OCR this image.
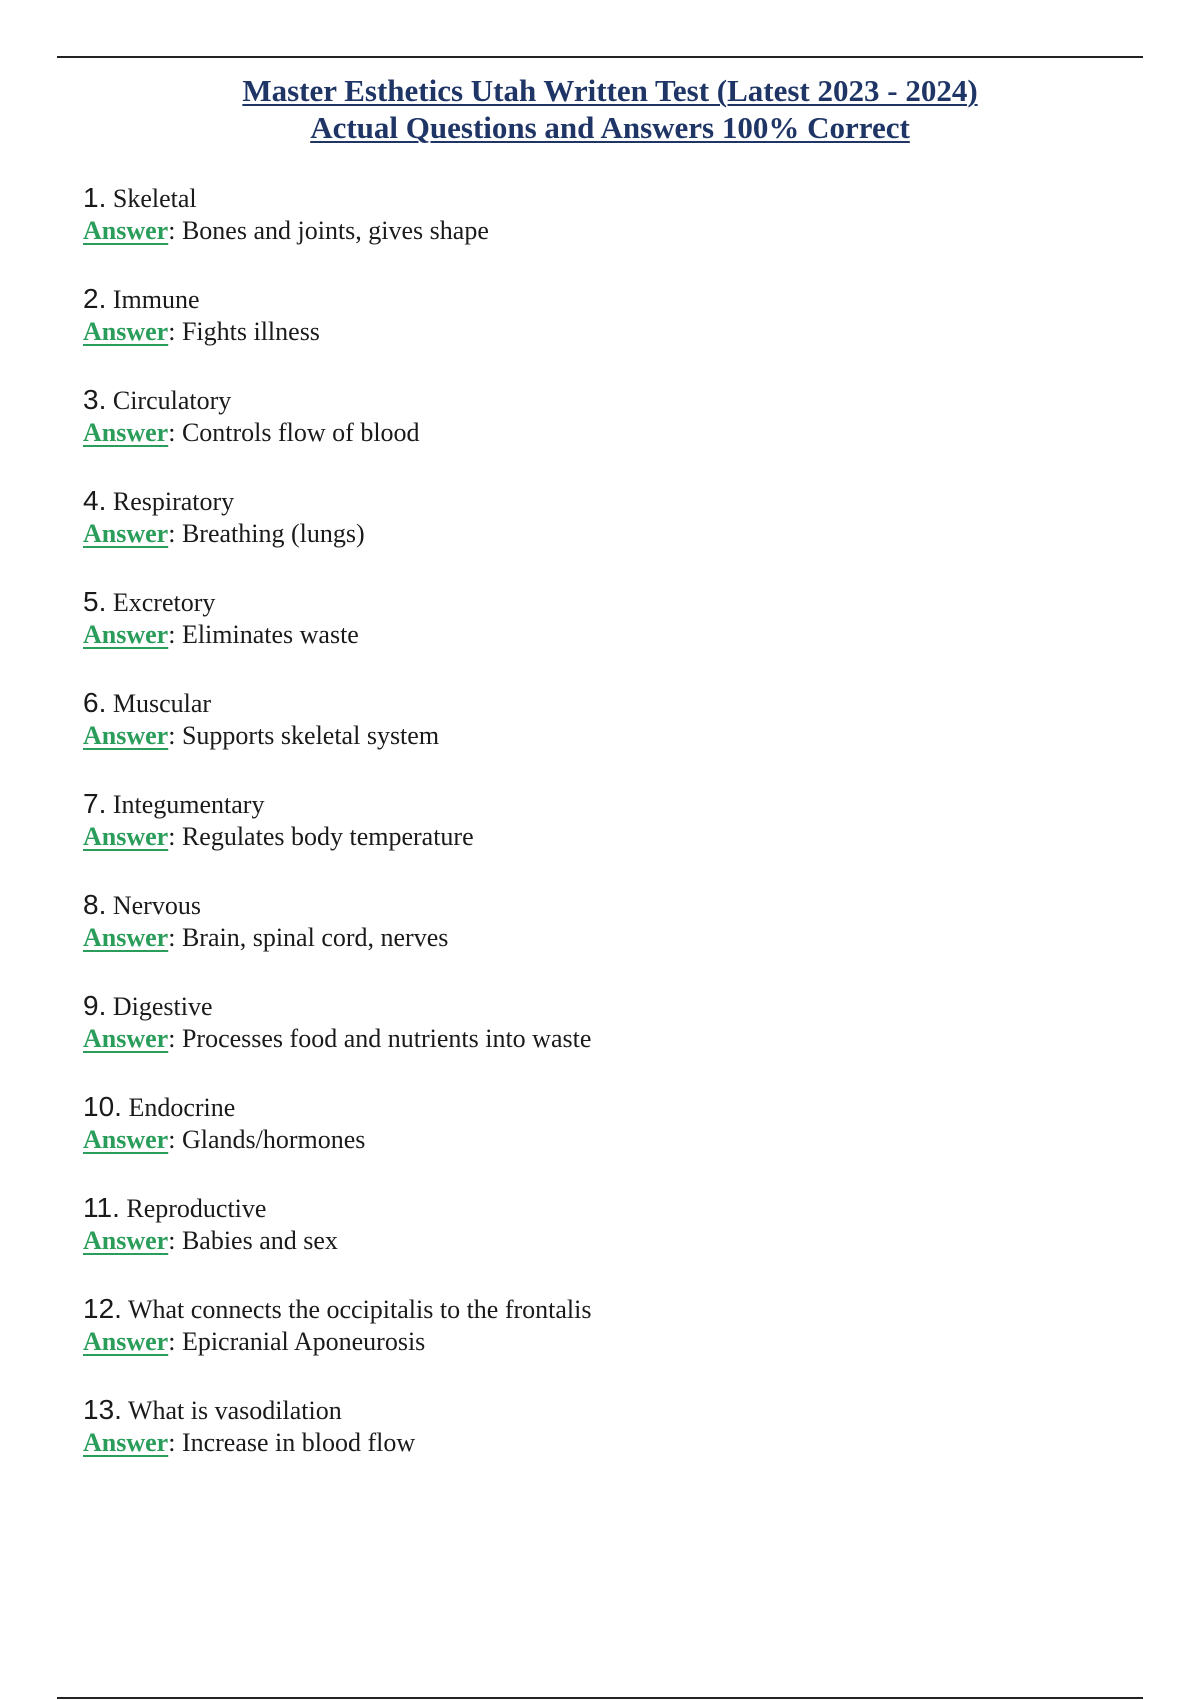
Master Esthetics Utah Written Test (Latest 2023 - 2024)
Actual Questions and Answers 100% Correct
1. Skeletal
Answer: Bones and joints, gives shape
2. Immune
Answer: Fights illness
3. Circulatory
Answer: Controls flow of blood
4. Respiratory
Answer: Breathing (lungs)
5. Excretory
Answer: Eliminates waste
6. Muscular
Answer: Supports skeletal system
7. Integumentary
Answer: Regulates body temperature
8. Nervous
Answer: Brain, spinal cord, nerves
9. Digestive
Answer: Processes food and nutrients into waste
10. Endocrine
Answer: Glands/hormones
11. Reproductive
Answer: Babies and sex
12. What connects the occipitalis to the frontalis
Answer: Epicranial Aponeurosis
13. What is vasodilation
Answer: Increase in blood flow
